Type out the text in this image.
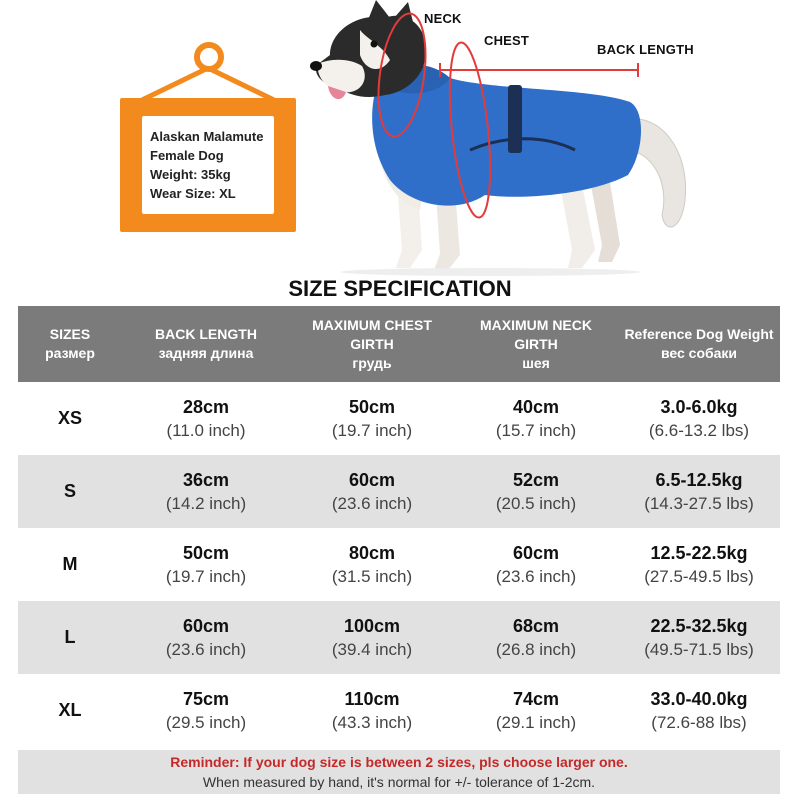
Alaskan Malamute
Female Dog
Weight: 35kg
Wear Size: XL
NECK
CHEST
BACK LENGTH
SIZE SPECIFICATION
SIZES
размер
BACK LENGTH
задняя длина
MAXIMUM CHEST GIRTH
грудь
MAXIMUM NECK GIRTH
шея
Reference Dog Weight
вес собаки
XS
28cm
(11.0 inch)
50cm
(19.7 inch)
40cm
(15.7 inch)
3.0-6.0kg
(6.6-13.2 lbs)
S
36cm
(14.2 inch)
60cm
(23.6 inch)
52cm
(20.5 inch)
6.5-12.5kg
(14.3-27.5 lbs)
M
50cm
(19.7 inch)
80cm
(31.5 inch)
60cm
(23.6 inch)
12.5-22.5kg
(27.5-49.5 lbs)
L
60cm
(23.6 inch)
100cm
(39.4 inch)
68cm
(26.8 inch)
22.5-32.5kg
(49.5-71.5 lbs)
XL
75cm
(29.5 inch)
110cm
(43.3 inch)
74cm
(29.1 inch)
33.0-40.0kg
(72.6-88 lbs)
Reminder: If your dog size is between 2 sizes, pls choose larger one.
When measured by hand, it's normal for +/- tolerance of 1-2cm.
